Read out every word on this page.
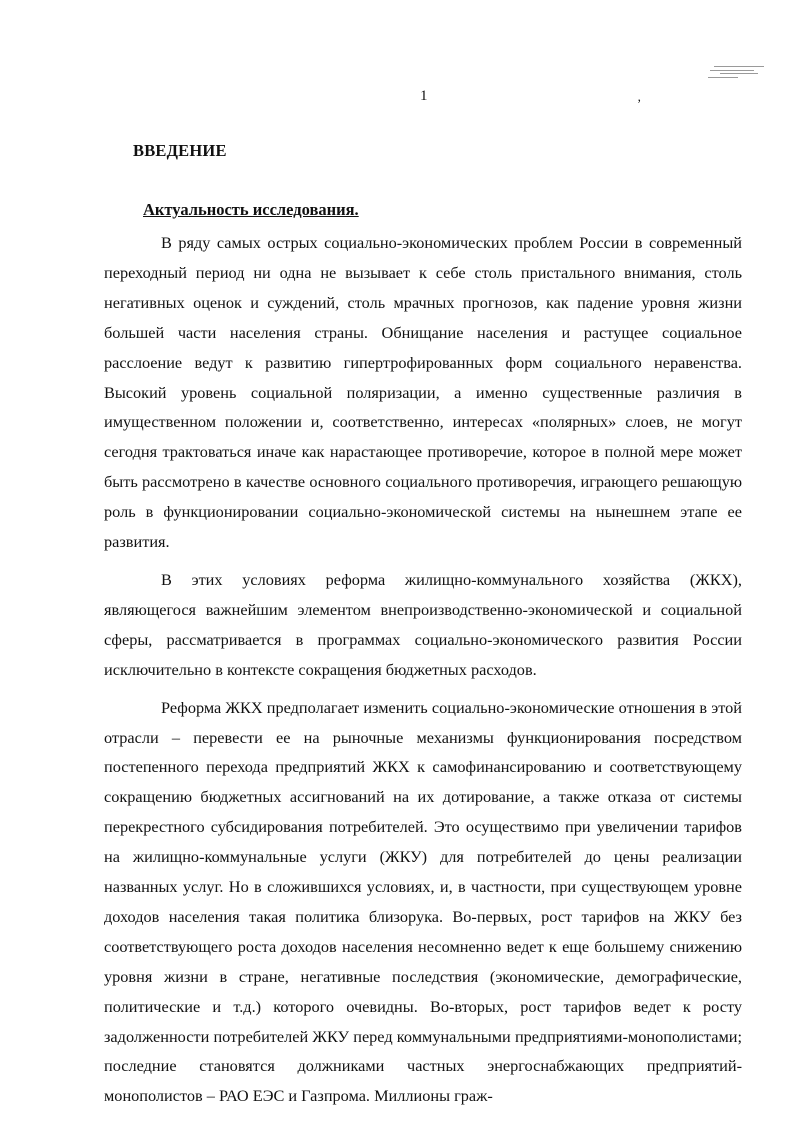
1	’
ВВЕДЕНИЕ
Актуальность исследования.

В ряду самых острых социально-экономических проблем России в современный переходный период ни одна не вызывает к себе столь пристального внимания, столь негативных оценок и суждений, столь мрачных прогнозов, как падение уровня жизни большей части населения страны. Обнищание населения и растущее социальное расслоение ведут к развитию гипертрофированных форм социального неравенства. Высокий уровень социальной поляризации, а именно существенные различия в имущественном положении и, соответственно, интересах «полярных» слоев, не могут сегодня трактоваться иначе как нарастающее противоречие, которое в полной мере может быть рассмотрено в качестве основного социального противоречия, играющего решающую роль в функционировании социально-экономической системы на нынешнем этапе ее развития.

В этих условиях реформа жилищно-коммунального хозяйства (ЖКХ), являющегося важнейшим элементом внепроизводственно-экономической и социальной сферы, рассматривается в программах социально-экономического развития России исключительно в контексте сокращения бюджетных расходов.

Реформа ЖКХ предполагает изменить социально-экономические отношения в этой отрасли – перевести ее на рыночные механизмы функционирования посредством постепенного перехода предприятий ЖКХ к самофинансированию и соответствующему сокращению бюджетных ассигнований на их дотирование, а также отказа от системы перекрестного субсидирования потребителей. Это осуществимо при увеличении тарифов на жилищно-коммунальные услуги (ЖКУ) для потребителей до цены реализации названных услуг. Но в сложившихся условиях, и, в частности, при существующем уровне доходов населения такая политика близорука. Во-первых, рост тарифов на ЖКУ без соответствующего роста доходов населения несомненно ведет к еще большему снижению уровня жизни в стране, негативные последствия (экономические, демографические, политические и т.д.) которого очевидны. Во-вторых, рост тарифов ведет к росту задолженности потребителей ЖКУ перед коммунальными предприятиями-монополистами; последние становятся должниками частных энергоснабжающих предприятий-монополистов – РАО ЕЭС и Газпрома. Миллионы граж-
